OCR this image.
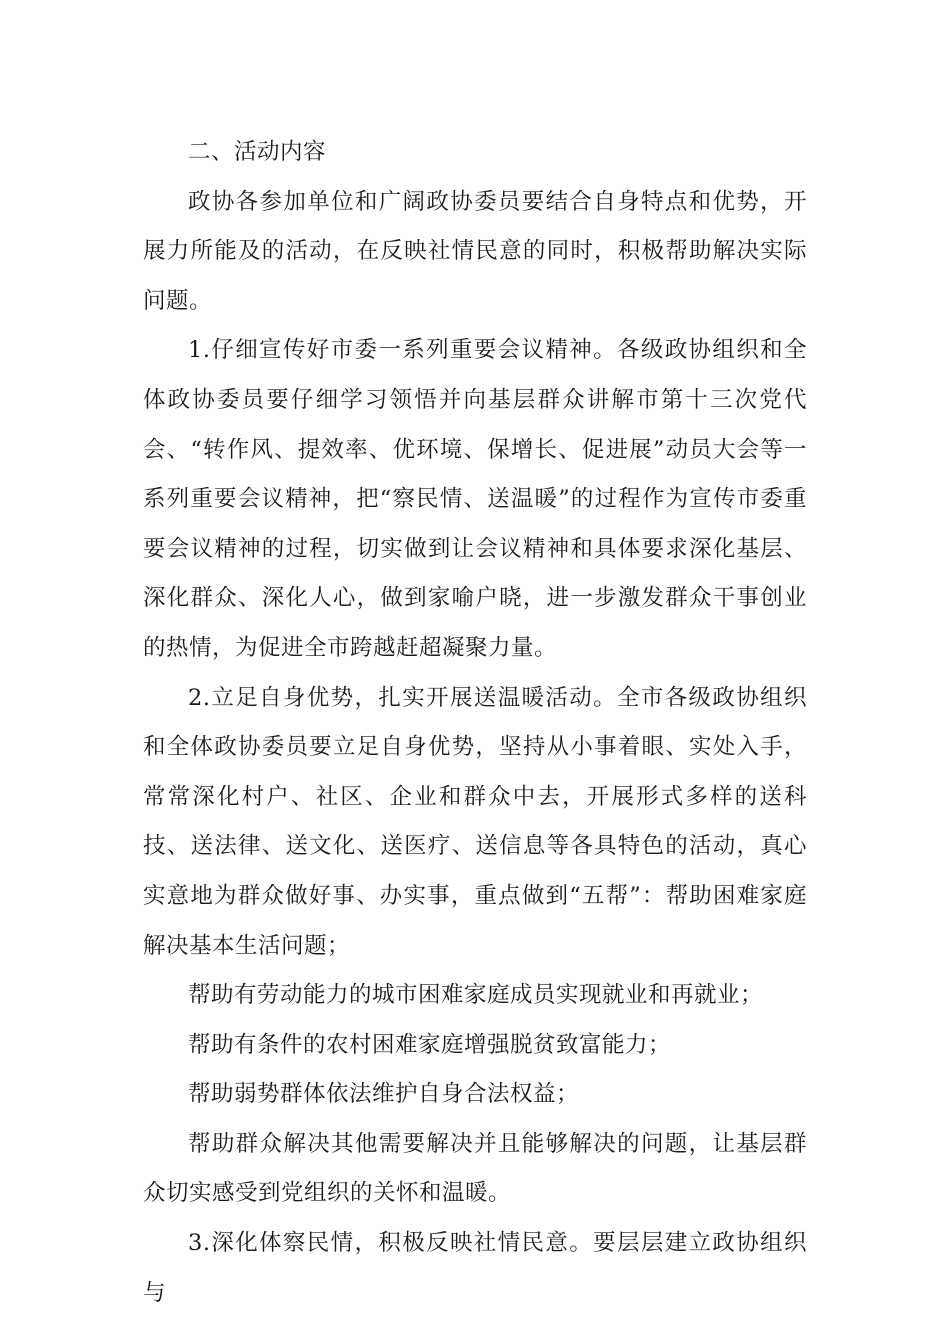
二、活动内容

政协各参加单位和广阔政协委员要结合自身特点和优势，开展力所能及的活动，在反映社情民意的同时，积极帮助解决实际问题。

1.仔细宣传好市委一系列重要会议精神。各级政协组织和全体政协委员要仔细学习领悟并向基层群众讲解市第十三次党代会、“转作风、提效率、优环境、保增长、促进展”动员大会等一系列重要会议精神，把“察民情、送温暖”的过程作为宣传市委重要会议精神的过程，切实做到让会议精神和具体要求深化基层、深化群众、深化人心，做到家喻户晓，进一步激发群众干事创业的热情，为促进全市跨越赶超凝聚力量。

2.立足自身优势，扎实开展送温暖活动。全市各级政协组织和全体政协委员要立足自身优势，坚持从小事着眼、实处入手，常常深化村户、社区、企业和群众中去，开展形式多样的送科技、送法律、送文化、送医疗、送信息等各具特色的活动，真心实意地为群众做好事、办实事，重点做到“五帮”：帮助困难家庭解决基本生活问题；

帮助有劳动能力的城市困难家庭成员实现就业和再就业；

帮助有条件的农村困难家庭增强脱贫致富能力；

帮助弱势群体依法维护自身合法权益；

帮助群众解决其他需要解决并且能够解决的问题，让基层群众切实感受到党组织的关怀和温暖。

3.深化体察民情，积极反映社情民意。要层层建立政协组织与
